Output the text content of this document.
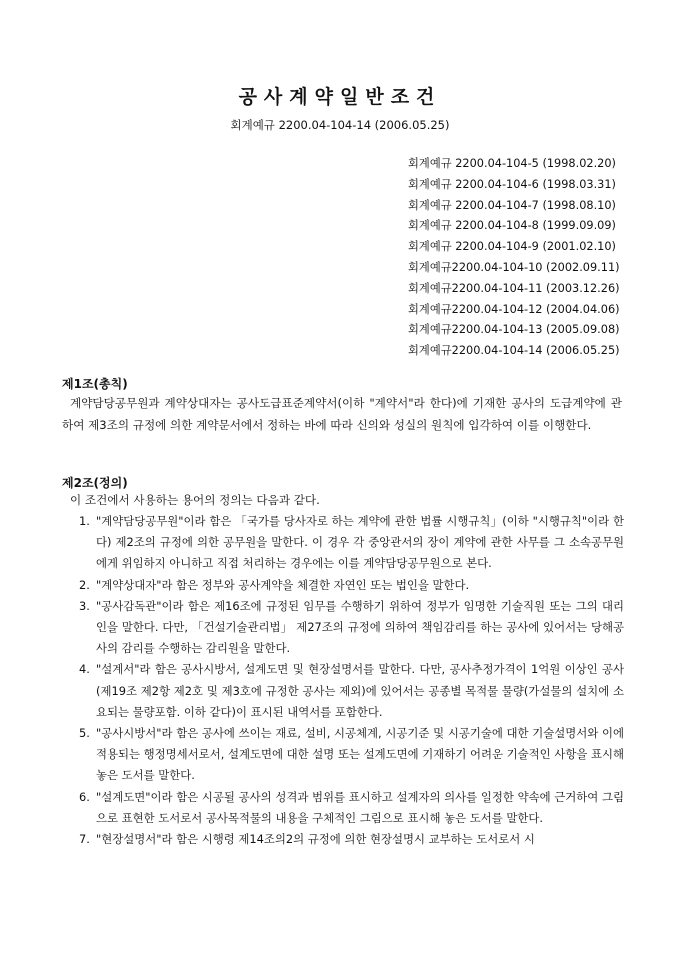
공사계약일반조건
회계예규 2200.04-104-14 (2006.05.25)
회계예규 2200.04-104-5 (1998.02.20)
회계예규 2200.04-104-6 (1998.03.31)
회계예규 2200.04-104-7 (1998.08.10)
회계예규 2200.04-104-8 (1999.09.09)
회계예규 2200.04-104-9 (2001.02.10)
회계예규2200.04-104-10 (2002.09.11)
회계예규2200.04-104-11 (2003.12.26)
회계예규2200.04-104-12 (2004.04.06)
회계예규2200.04-104-13 (2005.09.08)
회계예규2200.04-104-14 (2006.05.25)
제1조(총칙)
계약담당공무원과 계약상대자는 공사도급표준계약서(이하 "계약서"라 한다)에 기재한 공사의 도급계약에 관하여 제3조의 규정에 의한 계약문서에서 정하는 바에 따라 신의와 성실의 원칙에 입각하여 이를 이행한다.
제2조(정의)
이 조건에서 사용하는 용어의 정의는 다음과 같다.
1 . "계약담당공무원"이라 함은 「국가를 당사자로 하는 계약에 관한 법률 시행규칙」(이하 "시행규칙"이라 한다) 제2조의 규정에 의한 공무원을 말한다. 이 경우 각 중앙관서의 장이 계약에 관한 사무를 그 소속공무원에게 위임하지 아니하고 직접 처리하는 경우에는 이를 계약담당공무원으로 본다.
2 . "계약상대자"라 함은 정부와 공사계약을 체결한 자연인 또는 법인을 말한다.
3 . "공사감독관"이라 함은 제16조에 규정된 임무를 수행하기 위하여 정부가 임명한 기술직원 또는 그의 대리인을 말한다. 다만, 「건설기술관리법」 제27조의 규정에 의하여 책임감리를 하는 공사에 있어서는 당해공사의 감리를 수행하는 감리원을 말한다.
4 . "설계서"라 함은 공사시방서, 설계도면 및 현장설명서를 말한다. 다만, 공사추정가격이 1억원 이상인 공사(제19조 제2항 제2호 및 제3호에 규정한 공사는 제외)에 있어서는 공종별 목적물 물량(가설물의 설치에 소요되는 물량포함. 이하 같다)이 표시된 내역서를 포함한다.
5 . "공사시방서"라 함은 공사에 쓰이는 재료, 설비, 시공체계, 시공기준 및 시공기술에 대한 기술설명서와 이에 적용되는 행정명세서로서, 설계도면에 대한 설명 또는 설계도면에 기재하기 어려운 기술적인 사항을 표시해 놓은 도서를 말한다.
6 . "설계도면"이라 함은 시공될 공사의 성격과 범위를 표시하고 설계자의 의사를 일정한 약속에 근거하여 그림으로 표현한 도서로서 공사목적물의 내용을 구체적인 그림으로 표시해 놓은 도서를 말한다.
7 . "현장설명서"라 함은 시행령 제14조의2의 규정에 의한 현장설명시 교부하는 도서로서 시
